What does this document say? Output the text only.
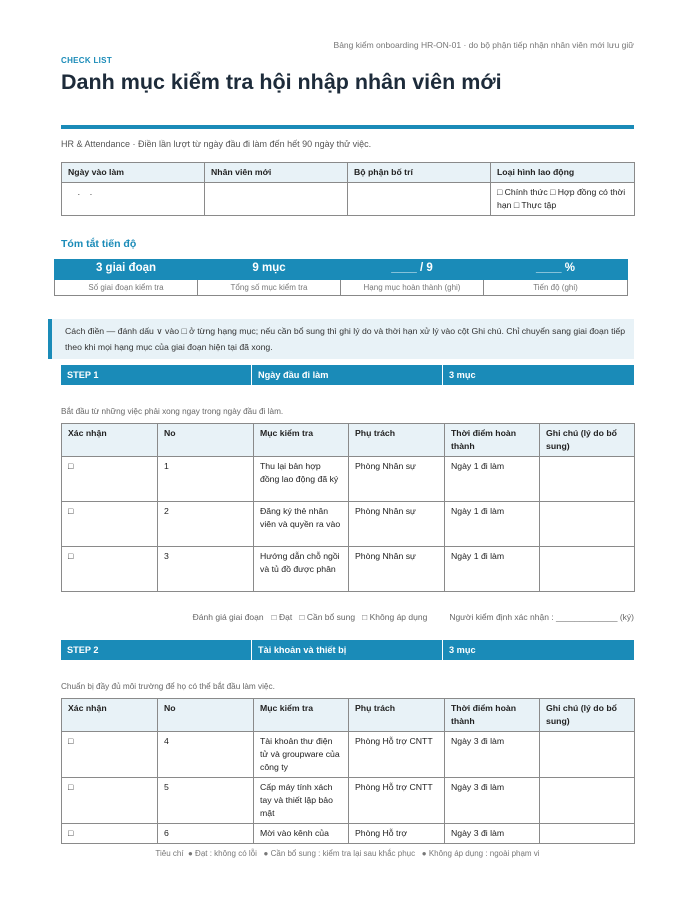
Bảng kiểm onboarding HR-ON-01 · do bộ phận tiếp nhận nhân viên mới lưu giữ
CHECK LIST
Danh mục kiểm tra hội nhập nhân viên mới
HR & Attendance · Điền lần lượt từ ngày đầu đi làm đến hết 90 ngày thử việc.
Ngày vào làm	Nhân viên mới	Bộ phận bố trí	Loại hình lao động
.    .			□ Chính thức □ Hợp đồng có thời hạn □ Thực tập
Tóm tắt tiến độ
3 giai đoạn	9 mục	____ / 9	____ %
Số giai đoạn kiểm tra	Tổng số mục kiểm tra	Hạng mục hoàn thành (ghi)	Tiến độ (ghi)
Cách điền — đánh dấu ∨ vào □ ở từng hạng mục; nếu cần bổ sung thì ghi lý do và thời hạn xử lý vào cột Ghi chú. Chỉ chuyển sang giai đoạn tiếp theo khi mọi hạng mục của giai đoạn hiện tại đã xong.
STEP 1	Ngày đầu đi làm	3 mục
Bắt đầu từ những việc phải xong ngay trong ngày đầu đi làm.
Xác nhận	No	Mục kiểm tra	Phụ trách	Thời điểm hoàn thành	Ghi chú (lý do bổ sung)
□	1	Thu lại bản hợp đồng lao động đã ký	Phòng Nhân sự	Ngày 1 đi làm	
□	2	Đăng ký thẻ nhân viên và quyền ra vào	Phòng Nhân sự	Ngày 1 đi làm	
□	3	Hướng dẫn chỗ ngồi và tủ đồ được phân	Phòng Nhân sự	Ngày 1 đi làm	
Đánh giá giai đoạn □ Đạt   □ Cần bổ sung   □ Không áp dụng	Người kiểm định xác nhận : _____________ (ký)
STEP 2	Tài khoản và thiết bị	3 mục
Chuẩn bị đầy đủ môi trường để họ có thể bắt đầu làm việc.
Xác nhận	No	Mục kiểm tra	Phụ trách	Thời điểm hoàn thành	Ghi chú (lý do bổ sung)
□	4	Tài khoản thư điện tử và groupware của công ty	Phòng Hỗ trợ CNTT	Ngày 3 đi làm	
□	5	Cấp máy tính xách tay và thiết lập bảo mật	Phòng Hỗ trợ CNTT	Ngày 3 đi làm	
□	6	Mời vào kênh của	Phòng Hỗ trợ	Ngày 3 đi làm	
Tiêu chí  ● Đạt : không có lỗi   ● Cần bổ sung : kiểm tra lại sau khắc phục   ● Không áp dụng : ngoài phạm vi
